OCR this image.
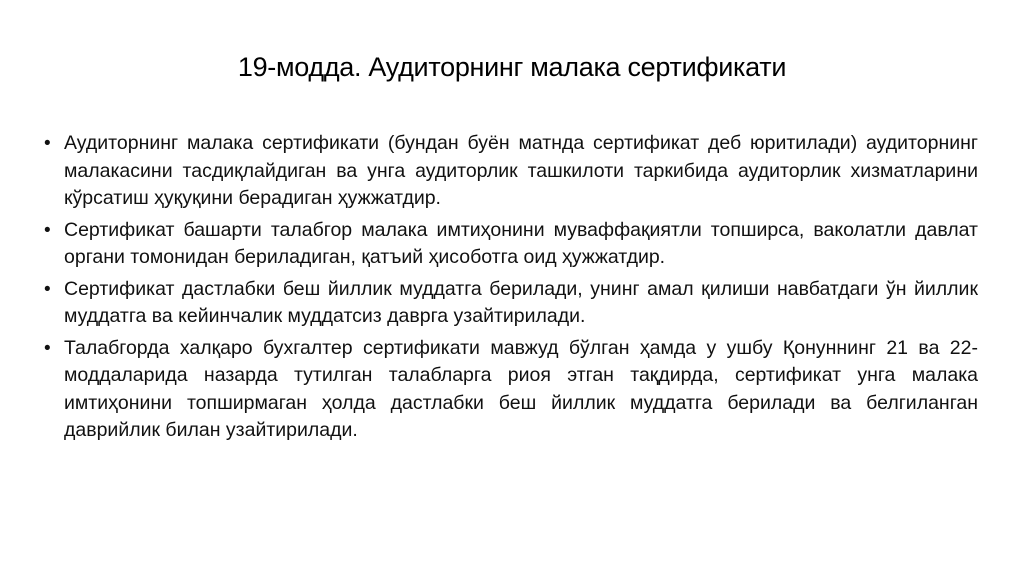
19-модда. Аудиторнинг малака сертификати
• Аудиторнинг малака сертификати (бундан буён матнда сертификат деб юритилади) аудиторнинг малакасини тасдиқлайдиган ва унга аудиторлик ташкилоти таркибида аудиторлик хизматларини кўрсатиш ҳуқуқини берадиган ҳужжатдир.
• Сертификат башарти талабгор малака имтиҳонини муваффақиятли топширса, ваколатли давлат органи томонидан бериладиган, қатъий ҳисоботга оид ҳужжатдир.
• Сертификат дастлабки беш йиллик муддатга берилади, унинг амал қилиши навбатдаги ўн йиллик муддатга ва кейинчалик муддатсиз даврга узайтирилади.
• Талабгорда халқаро бухгалтер сертификати мавжуд бўлган ҳамда у ушбу Қонуннинг 21 ва 22-моддаларида назарда тутилган талабларга риоя этган тақдирда, сертификат унга малака имтиҳонини топширмаган ҳолда дастлабки беш йиллик муддатга берилади ва белгиланган даврийлик билан узайтирилади.
